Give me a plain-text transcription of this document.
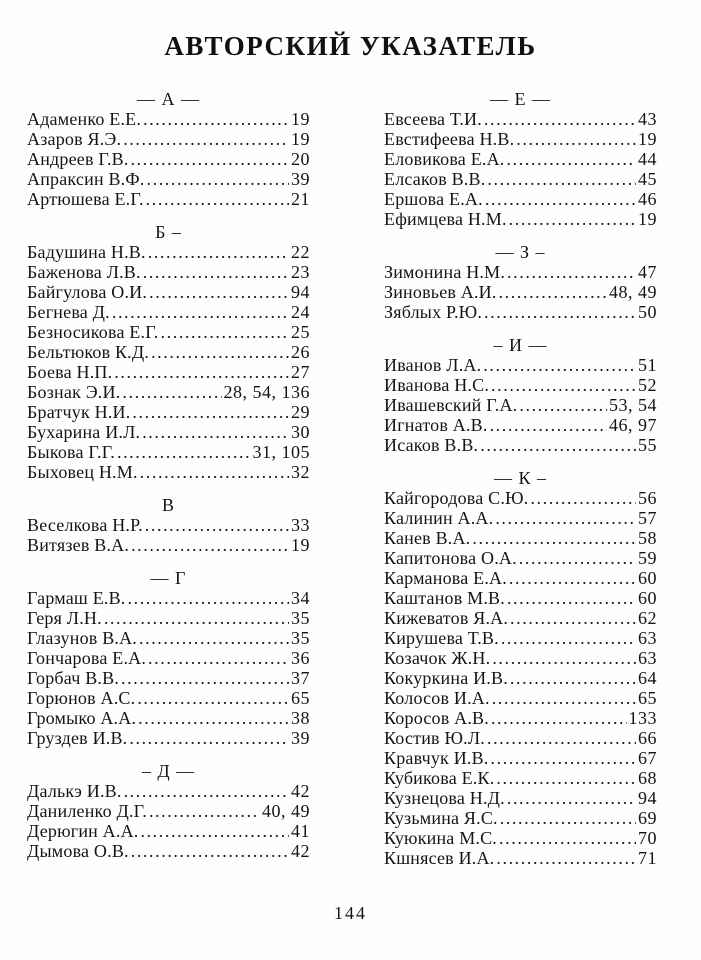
АВТОРСКИЙ УКАЗАТЕЛЬ
— А —
Адаменко Е.Е. .....	19
Азаров Я.Э. .....	19
Андреев Г.В. .....	20
Апраксин В.Ф. .....	39
Артюшева Е.Г. .....	21
Б –
Бадушина Н.В. .....	22
Баженова Л.В. .....	23
Байгулова О.И. .....	94
Бегнева Д. .....	24
Безносикова Е.Г. .....	25
Бельтюков К.Д. .....	26
Боева Н.П. .....	27
Бознак Э.И. .....	28, 54, 136
Братчук Н.И. .....	29
Бухарина И.Л. .....	30
Быкова Г.Г. .....	31, 105
Быховец Н.М. .....	32
В
Веселкова Н.Р. .....	33
Витязев В.А. .....	19
— Г
Гармаш Е.В. .....	34
Геря Л.Н. .....	35
Глазунов В.А. .....	35
Гончарова Е.А. .....	36
Горбач В.В. .....	37
Горюнов А.С. .....	65
Громыко А.А. .....	38
Груздев И.В. .....	39
– Д —
Далькэ И.В. .....	42
Даниленко Д.Г. .....	40, 49
Дерюгин А.А. .....	41
Дымова О.В. .....	42
— Е —
Евсеева Т.И. .....	43
Евстифеева Н.В. .....	19
Еловикова Е.А. .....	44
Елсаков В.В. .....	45
Ершова Е.А. .....	46
Ефимцева Н.М. .....	19
— З –
Зимонина Н.М. .....	47
Зиновьев А.И. .....	48, 49
Зяблых Р.Ю. .....	50
– И —
Иванов Л.А. .....	51
Иванова Н.С. .....	52
Ивашевский Г.А. .....	53, 54
Игнатов А.В. .....	46, 97
Исаков В.В. .....	55
— К –
Кайгородова С.Ю. .....	56
Калинин А.А. .....	57
Канев В.А. .....	58
Капитонова О.А. .....	59
Карманова Е.А. .....	60
Каштанов М.В. .....	60
Кижеватов Я.А. .....	62
Кирушева Т.В. .....	63
Козачок Ж.Н. .....	63
Кокуркина И.В. .....	64
Колосов И.А. .....	65
Коросов А.В. .....	133
Костив Ю.Л. .....	66
Кравчук И.В. .....	67
Кубикова Е.К. .....	68
Кузнецова Н.Д. .....	94
Кузьмина Я.С. .....	69
Куюкина М.С. .....	70
Кшнясев И.А. .....	71
144
